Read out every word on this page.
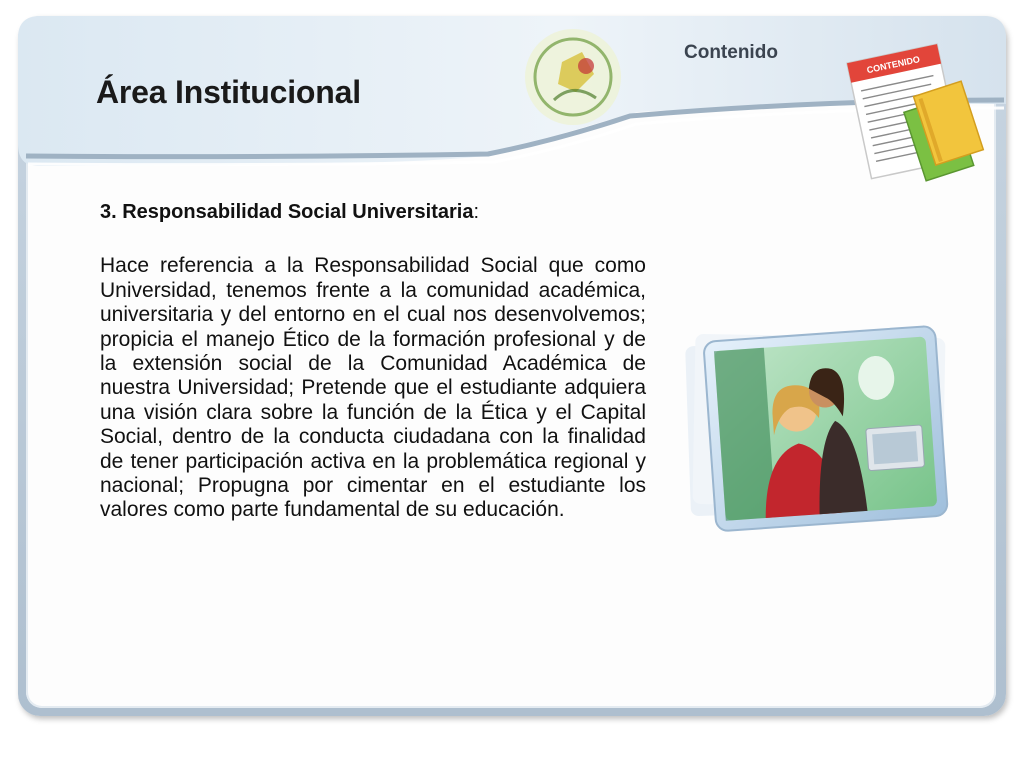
Contenido
Área Institucional
CONTENIDO

3. Responsabilidad Social Universitaria:

Hace referencia a la Responsabilidad Social que como Universidad, tenemos frente a la comunidad académica, universitaria y del entorno en el cual nos desenvolvemos; propicia el manejo Ético de la formación profesional y de la extensión social de la Comunidad Académica de nuestra Universidad; Pretende que el estudiante adquiera una visión clara sobre la función de la Ética y el Capital Social, dentro de la conducta ciudadana con la finalidad de tener participación activa en la problemática regional y nacional; Propugna por cimentar en el estudiante los valores como parte fundamental de su educación.
